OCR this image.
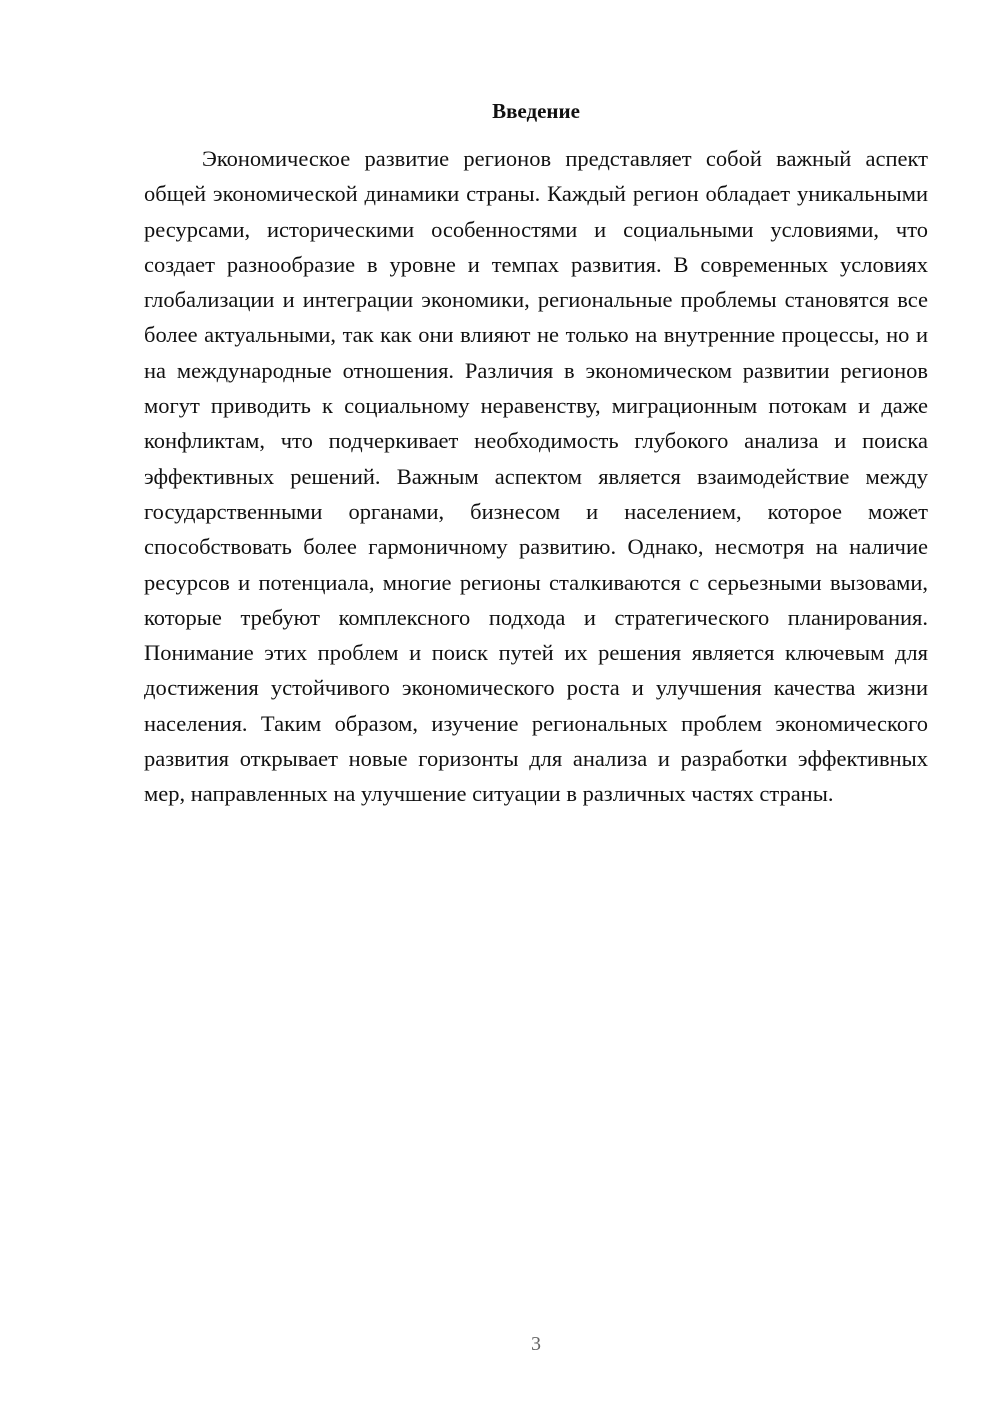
Введение

Экономическое развитие регионов представляет собой важный аспект общей экономической динамики страны. Каждый регион обладает уникальными ресурсами, историческими особенностями и социальными условиями, что создает разнообразие в уровне и темпах развития. В современных условиях глобализации и интеграции экономики, региональные проблемы становятся все более актуальными, так как они влияют не только на внутренние процессы, но и на международные отношения. Различия в экономическом развитии регионов могут приводить к социальному неравенству, миграционным потокам и даже конфликтам, что подчеркивает необходимость глубокого анализа и поиска эффективных решений. Важным аспектом является взаимодействие между государственными органами, бизнесом и населением, которое может способствовать более гармоничному развитию. Однако, несмотря на наличие ресурсов и потенциала, многие регионы сталкиваются с серьезными вызовами, которые требуют комплексного подхода и стратегического планирования. Понимание этих проблем и поиск путей их решения является ключевым для достижения устойчивого экономического роста и улучшения качества жизни населения. Таким образом, изучение региональных проблем экономического развития открывает новые горизонты для анализа и разработки эффективных мер, направленных на улучшение ситуации в различных частях страны.

3
